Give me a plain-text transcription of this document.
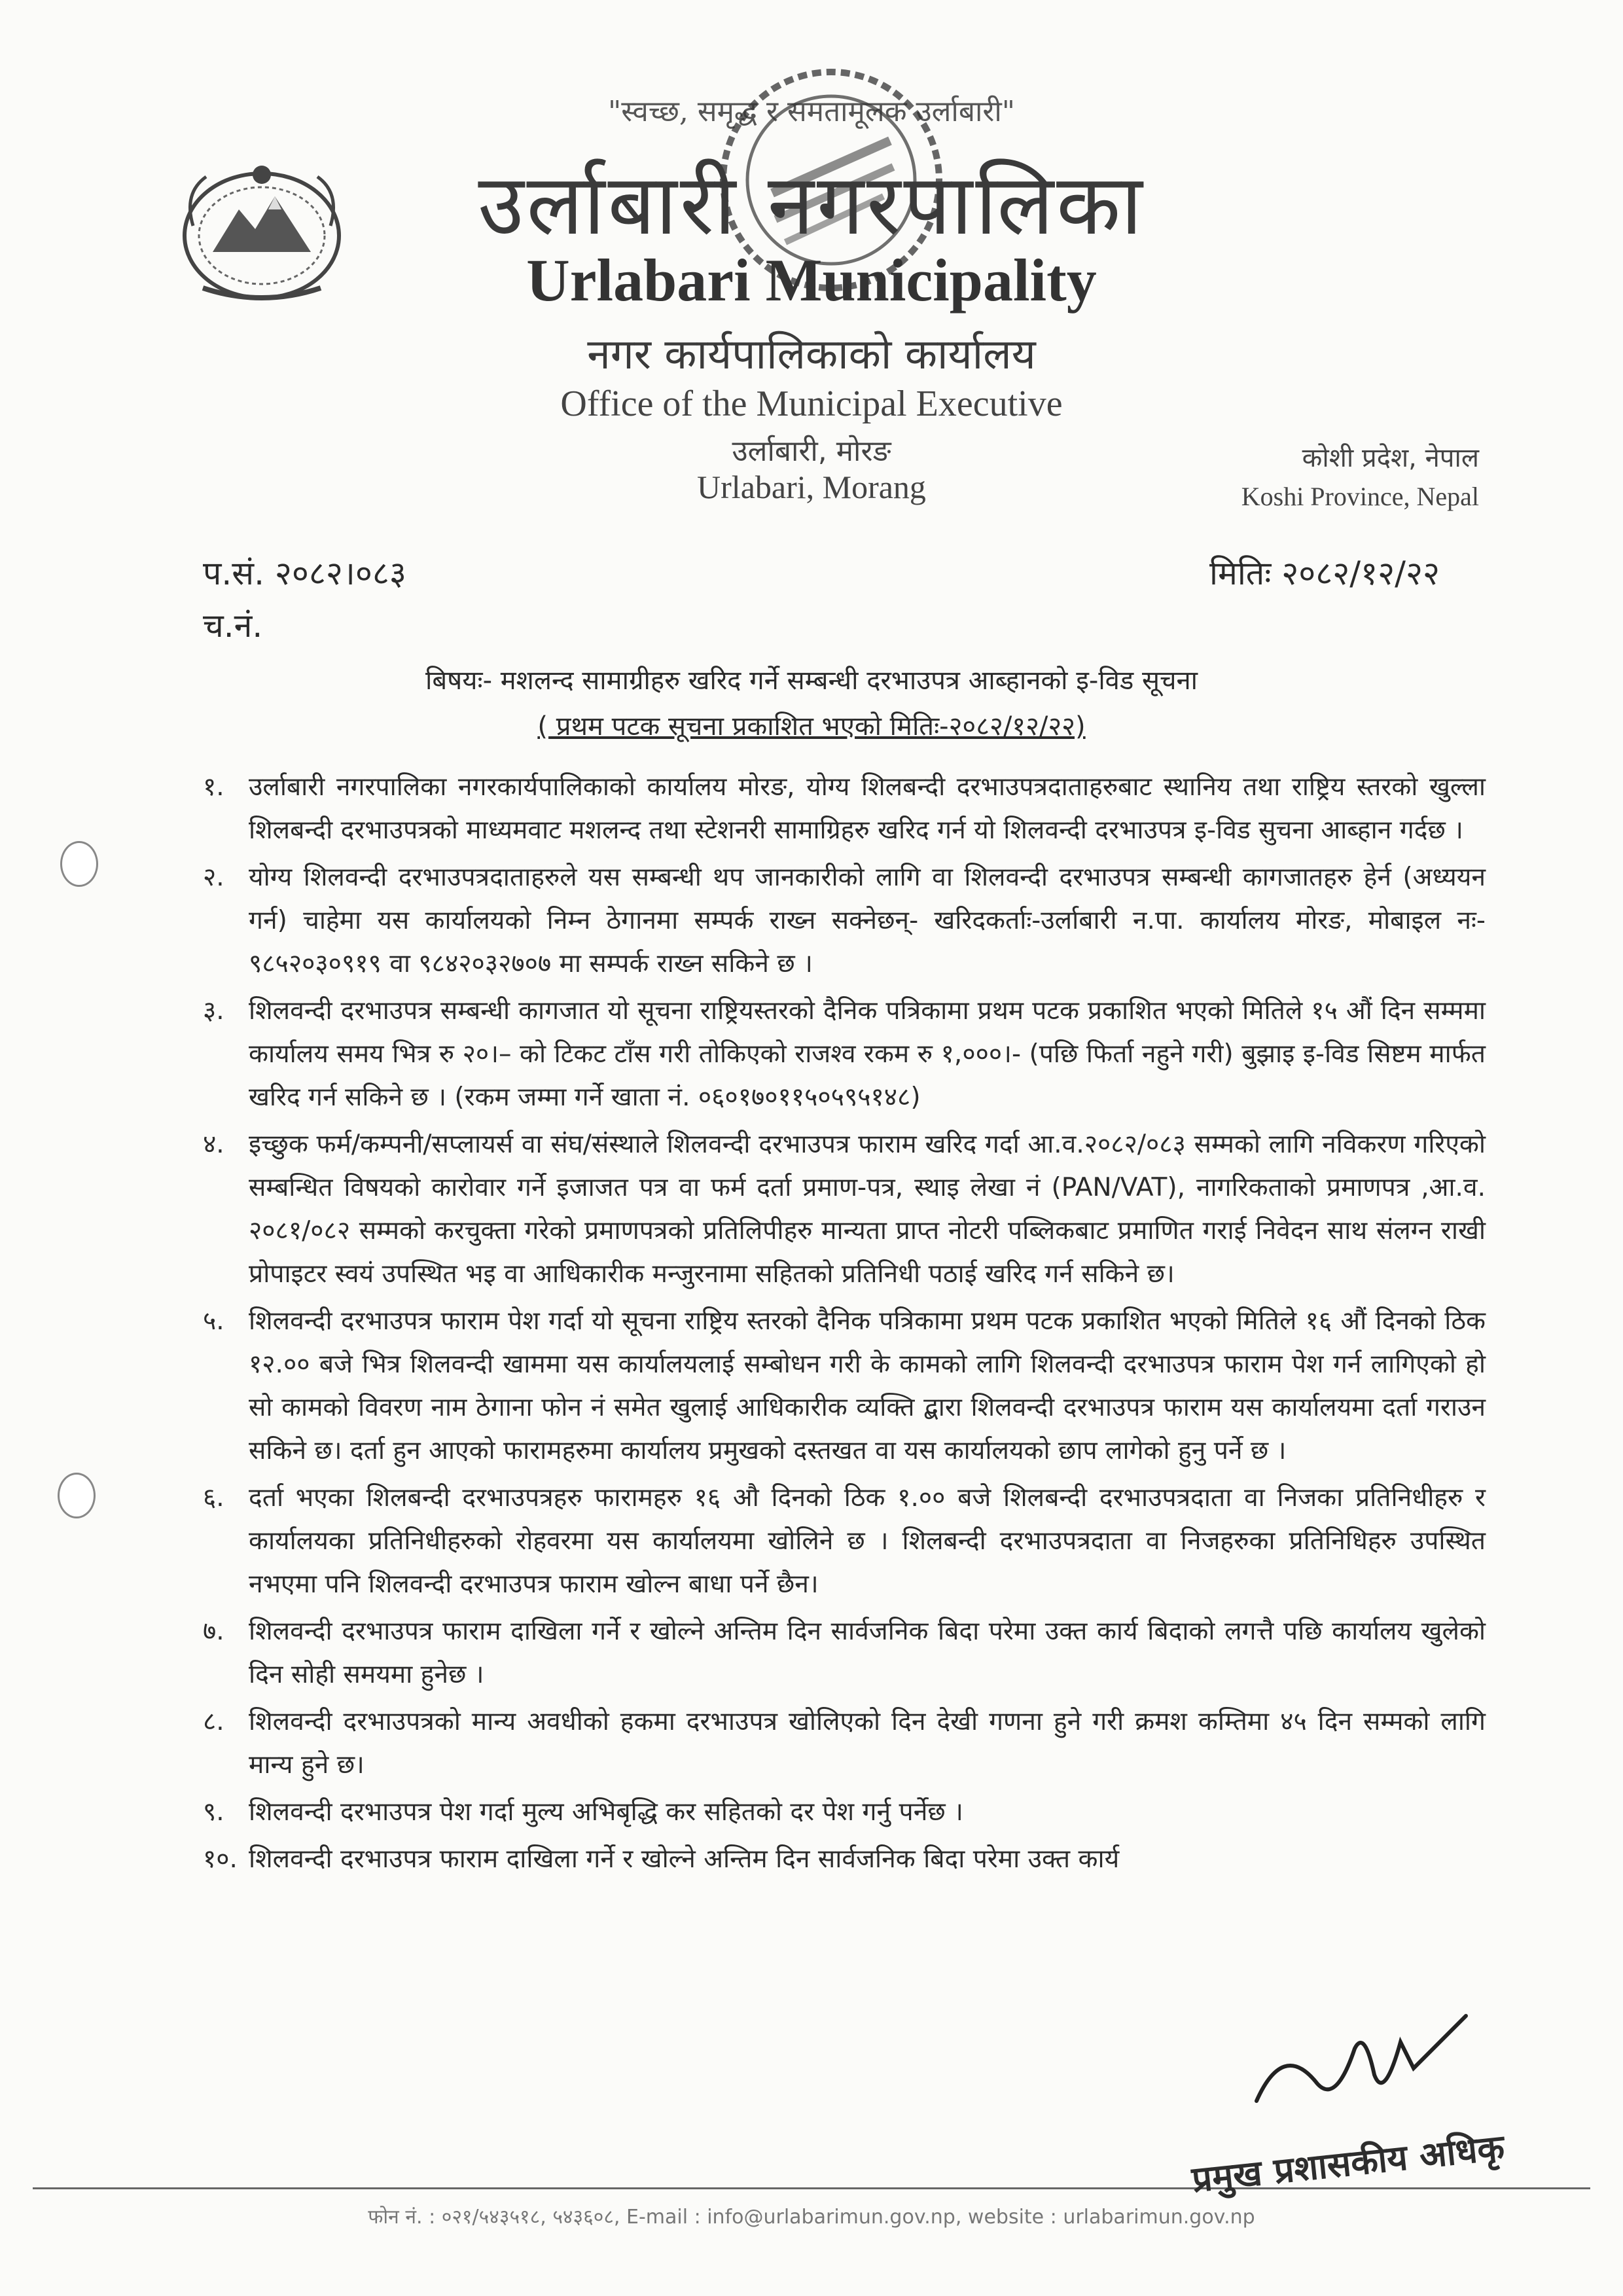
"स्वच्छ, समृद्ध र समतामूलक उर्लाबारी"
उर्लाबारी नगरपालिका
Urlabari Municipality
नगर कार्यपालिकाको कार्यालय
Office of the Municipal Executive
उर्लाबारी, मोरङ
Urlabari, Morang
कोशी प्रदेश, नेपाल
Koshi Province, Nepal
प.सं. २०८२।०८३
च.नं.
मितिः २०८२/१२/२२
बिषयः- मशलन्द सामाग्रीहरु खरिद गर्ने सम्बन्धी दरभाउपत्र आब्हानको इ-विड सूचना
( प्रथम पटक सूचना प्रकाशित भएको मितिः-२०८२/१२/२२)
१. उर्लाबारी नगरपालिका नगरकार्यपालिकाको कार्यालय मोरङ, योग्य शिलबन्दी दरभाउपत्रदाताहरुबाट स्थानिय तथा राष्ट्रिय स्तरको खुल्ला शिलबन्दी दरभाउपत्रको माध्यमवाट मशलन्द तथा स्टेशनरी सामाग्रिहरु खरिद गर्न यो शिलवन्दी दरभाउपत्र इ-विड सुचना आब्हान गर्दछ ।
२. योग्य शिलवन्दी दरभाउपत्रदाताहरुले यस सम्बन्धी थप जानकारीको लागि वा शिलवन्दी दरभाउपत्र सम्बन्धी कागजातहरु हेर्न (अध्ययन गर्न) चाहेमा यस कार्यालयको निम्न ठेगानमा सम्पर्क राख्न सक्नेछन्- खरिदकर्ताः-उर्लाबारी न.पा. कार्यालय मोरङ, मोबाइल नः- ९८५२०३०९१९ वा ९८४२०३२७०७ मा सम्पर्क राख्न सकिने छ ।
३. शिलवन्दी दरभाउपत्र सम्बन्धी कागजात यो सूचना राष्ट्रियस्तरको दैनिक पत्रिकामा प्रथम पटक प्रकाशित भएको मितिले १५ औं दिन सम्ममा कार्यालय समय भित्र रु २०।– को टिकट टाँस गरी तोकिएको राजश्व रकम रु १,०००।- (पछि फिर्ता नहुने गरी) बुझाइ इ-विड सिष्टम मार्फत खरिद गर्न सकिने छ । (रकम जम्मा गर्ने खाता नं. ०६०१७०११५०५९५१४८)
४. इच्छुक फर्म/कम्पनी/सप्लायर्स वा संघ/संस्थाले शिलवन्दी दरभाउपत्र फाराम खरिद गर्दा आ.व.२०८२/०८३ सम्मको लागि नविकरण गरिएको सम्बन्धित विषयको कारोवार गर्ने इजाजत पत्र वा फर्म दर्ता प्रमाण-पत्र, स्थाइ लेखा नं (PAN/VAT), नागरिकताको प्रमाणपत्र ,आ.व. २०८१/०८२ सम्मको करचुक्ता गरेको प्रमाणपत्रको प्रतिलिपीहरु मान्यता प्राप्त नोटरी पब्लिकबाट प्रमाणित गराई निवेदन साथ संलग्न राखी प्रोपाइटर स्वयं उपस्थित भइ वा आधिकारीक मन्जुरनामा सहितको प्रतिनिधी पठाई खरिद गर्न सकिने छ।
५. शिलवन्दी दरभाउपत्र फाराम पेश गर्दा यो सूचना राष्ट्रिय स्तरको दैनिक पत्रिकामा प्रथम पटक प्रकाशित भएको मितिले १६ औं दिनको ठिक १२.०० बजे भित्र शिलवन्दी खाममा यस कार्यालयलाई सम्बोधन गरी के कामको लागि शिलवन्दी दरभाउपत्र फाराम पेश गर्न लागिएको हो सो कामको विवरण नाम ठेगाना फोन नं समेत खुलाई आधिकारीक व्यक्ति द्बारा शिलवन्दी दरभाउपत्र फाराम यस कार्यालयमा दर्ता गराउन सकिने छ। दर्ता हुन आएको फारामहरुमा कार्यालय प्रमुखको दस्तखत वा यस कार्यालयको छाप लागेको हुनु पर्ने छ ।
६. दर्ता भएका शिलबन्दी दरभाउपत्रहरु फारामहरु १६ औ दिनको ठिक १.०० बजे शिलबन्दी दरभाउपत्रदाता वा निजका प्रतिनिधीहरु र कार्यालयका प्रतिनिधीहरुको रोहवरमा यस कार्यालयमा खोलिने छ । शिलबन्दी दरभाउपत्रदाता वा निजहरुका प्रतिनिधिहरु उपस्थित नभएमा पनि शिलवन्दी दरभाउपत्र फाराम खोल्न बाधा पर्ने छैन।
७. शिलवन्दी दरभाउपत्र फाराम दाखिला गर्ने र खोल्ने अन्तिम दिन सार्वजनिक बिदा परेमा उक्त कार्य बिदाको लगत्तै पछि कार्यालय खुलेको दिन सोही समयमा हुनेछ ।
८. शिलवन्दी दरभाउपत्रको मान्य अवधीको हकमा दरभाउपत्र खोलिएको दिन देखी गणना हुने गरी क्रमश कम्तिमा ४५ दिन सम्मको लागि मान्य हुने छ।
९. शिलवन्दी दरभाउपत्र पेश गर्दा मुल्य अभिबृद्धि कर सहितको दर पेश गर्नु पर्नेछ ।
१०. शिलवन्दी दरभाउपत्र फाराम दाखिला गर्ने र खोल्ने अन्तिम दिन सार्वजनिक बिदा परेमा उक्त कार्य
प्रमुख प्रशासकीय अधिकृ
फोन नं. : ०२१/५४३५१८, ५४३६०८, E-mail : info@urlabarimun.gov.np, website : urlabarimun.gov.np
